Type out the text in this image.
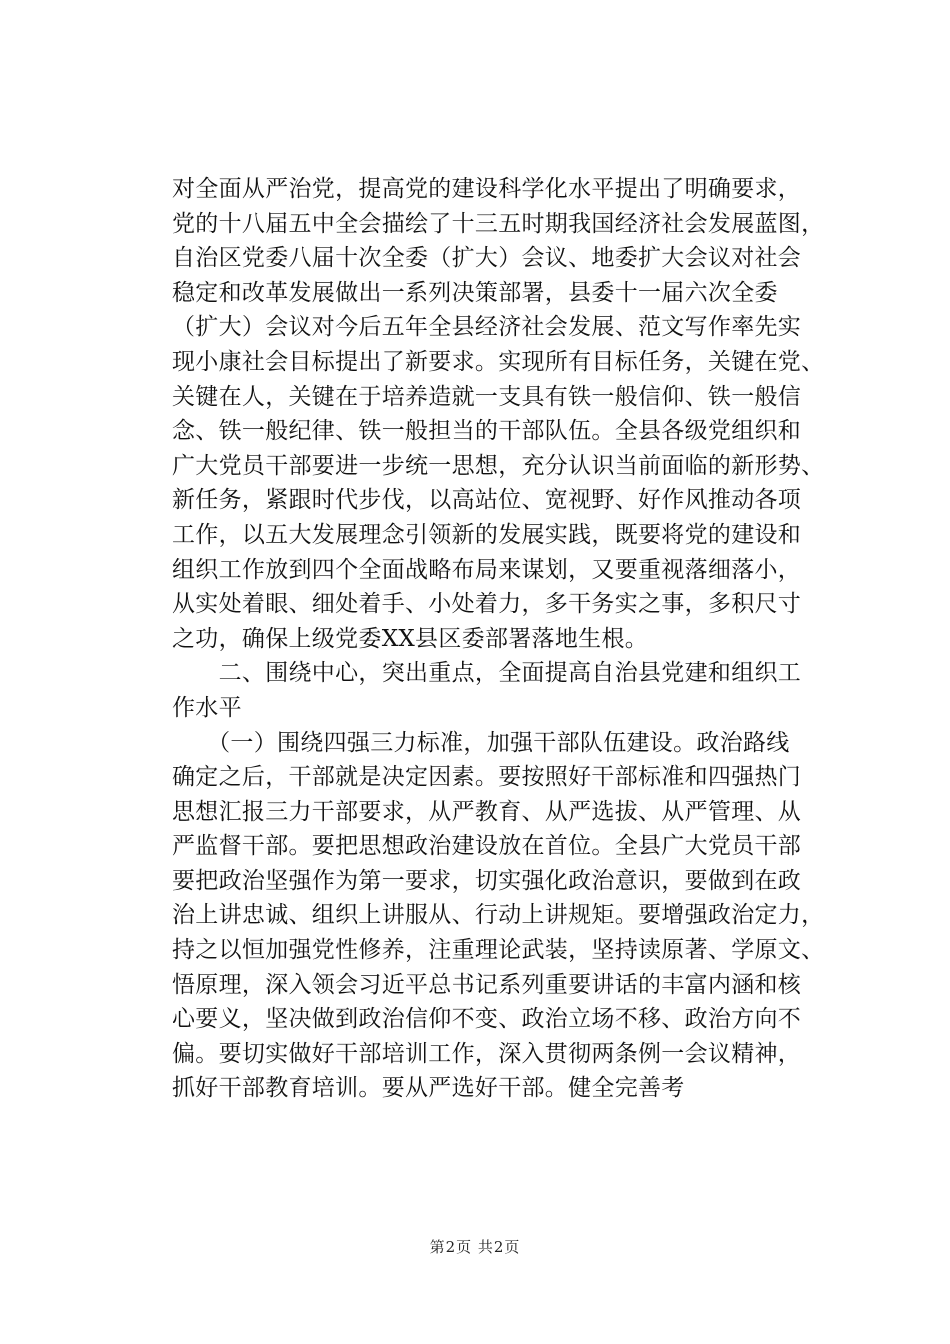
对全面从严治党，提高党的建设科学化水平提出了明确要求，
党的十八届五中全会描绘了十三五时期我国经济社会发展蓝图，
自治区党委八届十次全委（扩大）会议、地委扩大会议对社会
稳定和改革发展做出一系列决策部署，县委十一届六次全委
（扩大）会议对今后五年全县经济社会发展、范文写作率先实
现小康社会目标提出了新要求。实现所有目标任务，关键在党、
关键在人，关键在于培养造就一支具有铁一般信仰、铁一般信
念、铁一般纪律、铁一般担当的干部队伍。全县各级党组织和
广大党员干部要进一步统一思想，充分认识当前面临的新形势、
新任务，紧跟时代步伐，以高站位、宽视野、好作风推动各项
工作，以五大发展理念引领新的发展实践，既要将党的建设和
组织工作放到四个全面战略布局来谋划，又要重视落细落小，
从实处着眼、细处着手、小处着力，多干务实之事，多积尺寸
之功，确保上级党委XX县区委部署落地生根。
　　二、围绕中心，突出重点，全面提高自治县党建和组织工
作水平
　　（一）围绕四强三力标准，加强干部队伍建设。政治路线
确定之后，干部就是决定因素。要按照好干部标准和四强热门
思想汇报三力干部要求，从严教育、从严选拔、从严管理、从
严监督干部。要把思想政治建设放在首位。全县广大党员干部
要把政治坚强作为第一要求，切实强化政治意识，要做到在政
治上讲忠诚、组织上讲服从、行动上讲规矩。要增强政治定力，
持之以恒加强党性修养，注重理论武装，坚持读原著、学原文、
悟原理，深入领会习近平总书记系列重要讲话的丰富内涵和核
心要义，坚决做到政治信仰不变、政治立场不移、政治方向不
偏。要切实做好干部培训工作，深入贯彻两条例一会议精神，
抓好干部教育培训。要从严选好干部。健全完善考
第2页 共2页
